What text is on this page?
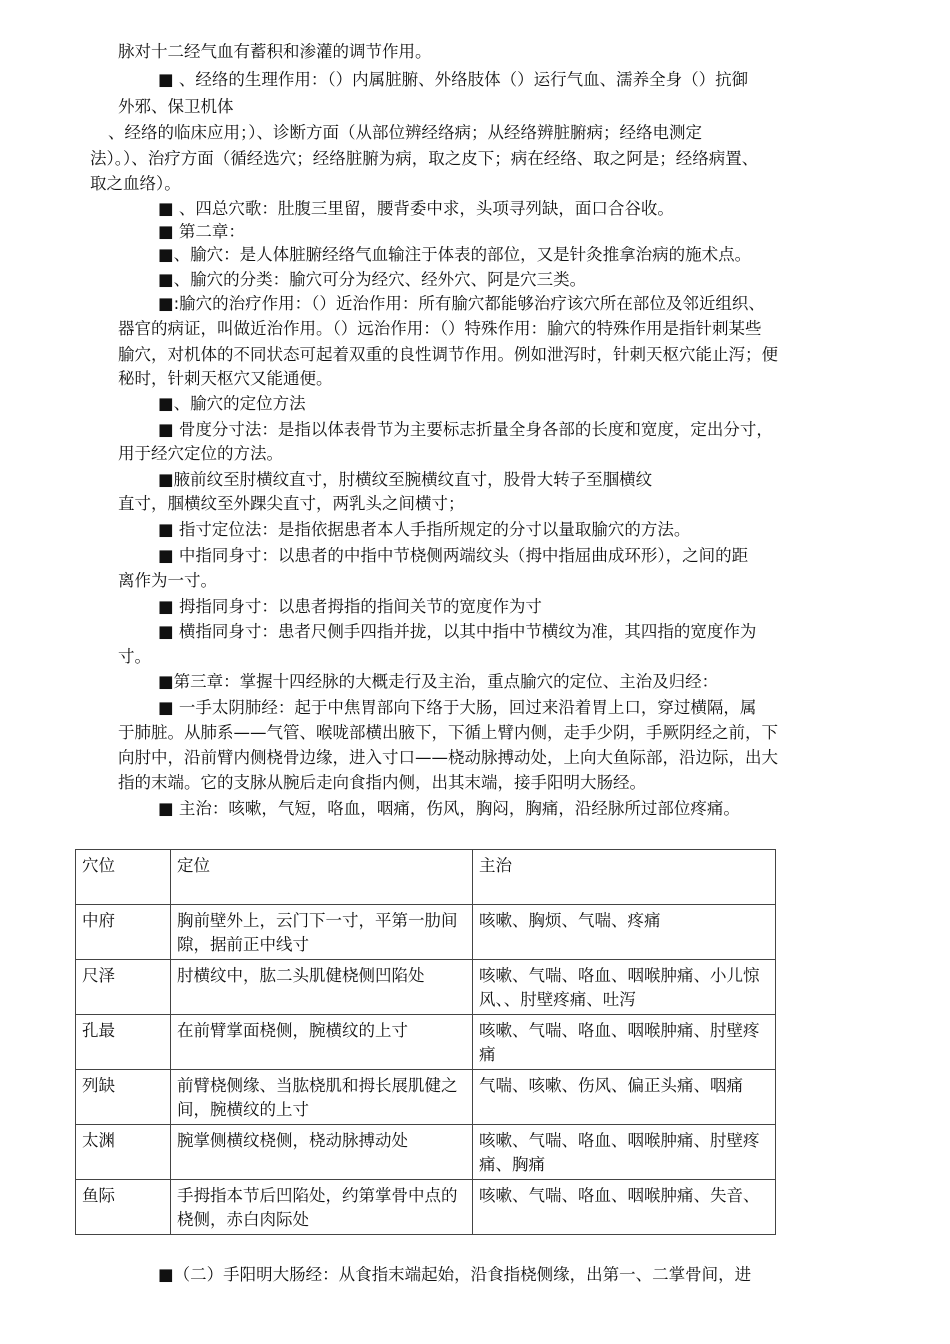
脉对十二经气血有蓄积和渗灌的调节作用。

■ 、经络的生理作用：（）内属脏腑、外络肢体（）运行气血、濡养全身（）抗御

外邪、保卫机体

、经络的临床应用；）、诊断方面（从部位辨经络病；从经络辨脏腑病；经络电测定

法）。）、治疗方面（循经选穴；经络脏腑为病，取之皮下；病在经络、取之阿是；经络病置、

取之血络）。

■ 、四总穴歌：肚腹三里留，腰背委中求，头项寻列缺，面口合谷收。

■ 第二章：

■、腧穴：是人体脏腑经络气血输注于体表的部位，又是针灸推拿治病的施术点。

■、腧穴的分类：腧穴可分为经穴、经外穴、阿是穴三类。

■:腧穴的治疗作用：（）近治作用：所有腧穴都能够治疗该穴所在部位及邻近组织、

器官的病证，叫做近治作用。（）远治作用：（）特殊作用：腧穴的特殊作用是指针刺某些

腧穴，对机体的不同状态可起着双重的良性调节作用。例如泄泻时，针刺天枢穴能止泻；便

秘时，针刺天枢穴又能通便。

■、腧穴的定位方法

■ 骨度分寸法：是指以体表骨节为主要标志折量全身各部的长度和宽度，定出分寸，

用于经穴定位的方法。

■腋前纹至肘横纹直寸，肘横纹至腕横纹直寸，股骨大转子至腘横纹

直寸，腘横纹至外踝尖直寸，两乳头之间横寸；

■ 指寸定位法：是指依据患者本人手指所规定的分寸以量取腧穴的方法。

■ 中指同身寸：以患者的中指中节桡侧两端纹头（拇中指屈曲成环形），之间的距

离作为一寸。

■ 拇指同身寸：以患者拇指的指间关节的宽度作为寸

■ 横指同身寸：患者尺侧手四指并拢，以其中指中节横纹为准，其四指的宽度作为

寸。

■第三章：掌握十四经脉的大概走行及主治，重点腧穴的定位、主治及归经：

■ 一手太阴肺经：起于中焦胃部向下络于大肠，回过来沿着胃上口，穿过横隔，属

于肺脏。从肺系——气管、喉咙部横出腋下，下循上臂内侧，走手少阴，手厥阴经之前，下

向肘中，沿前臂内侧桡骨边缘，进入寸口——桡动脉搏动处，上向大鱼际部，沿边际，出大

指的末端。它的支脉从腕后走向食指内侧，出其末端，接手阳明大肠经。

■ 主治：咳嗽，气短，咯血，咽痛，伤风，胸闷，胸痛，沿经脉所过部位疼痛。

穴位	定位	主治
中府	胸前壁外上，云门下一寸，平第一肋间隙，据前正中线寸	咳嗽、胸烦、气喘、疼痛
尺泽	肘横纹中，肱二头肌健桡侧凹陷处	咳嗽、气喘、咯血、咽喉肿痛、小儿惊风、、肘壁疼痛、吐泻
孔最	在前臂掌面桡侧，腕横纹的上寸	咳嗽、气喘、咯血、咽喉肿痛、肘壁疼痛
列缺	前臂桡侧缘、当肱桡肌和拇长展肌健之间，腕横纹的上寸	气喘、咳嗽、伤风、偏正头痛、咽痛
太渊	腕掌侧横纹桡侧，桡动脉搏动处	咳嗽、气喘、咯血、咽喉肿痛、肘壁疼痛、胸痛
鱼际	手拇指本节后凹陷处，约第掌骨中点的桡侧，赤白肉际处	咳嗽、气喘、咯血、咽喉肿痛、失音、

■（二）手阳明大肠经：从食指末端起始，沿食指桡侧缘，出第一、二掌骨间，进
